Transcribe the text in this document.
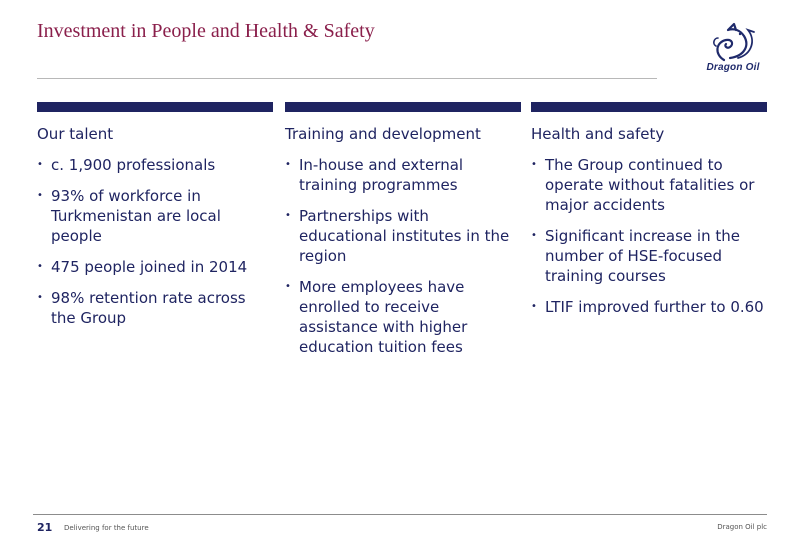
Investment in People and Health & Safety
Dragon Oil
Our talent
• c. 1,900 professionals
• 93% of workforce in Turkmenistan are local people
• 475 people joined in 2014
• 98% retention rate across the Group
Training and development
• In-house and external training programmes
• Partnerships with educational institutes in the region
• More employees have enrolled to receive assistance with higher education tuition fees
Health and safety
• The Group continued to operate without fatalities or major accidents
• Significant increase in the number of HSE-focused training courses
• LTIF improved further to 0.60
21 Delivering for the future	Dragon Oil plc
